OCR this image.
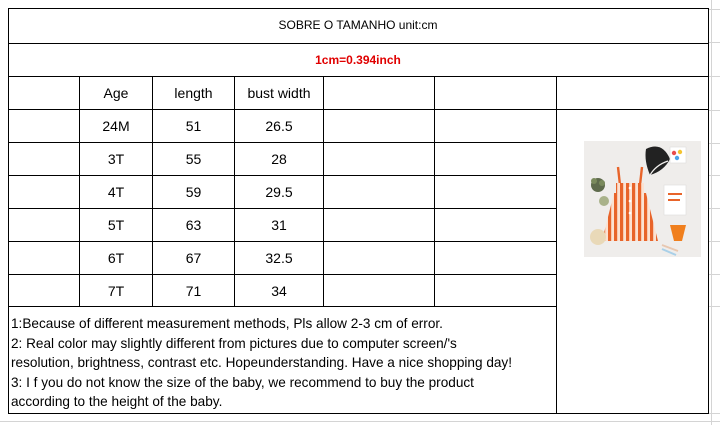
SOBRE O TAMANHO unit:cm
1cm=0.394inch
Age	length	bust width
24M	51	26.5
3T	55	28
4T	59	29.5
5T	63	31
6T	67	32.5
7T	71	34
1:Because of different measurement methods, Pls allow 2-3 cm of error.
2: Real color may slightly different from pictures due to computer screen/'s
resolution, brightness, contrast etc. Hopeunderstanding. Have a nice shopping day!
3: I f you do not know the size of the baby, we recommend to buy the product
according to the height of the baby.
